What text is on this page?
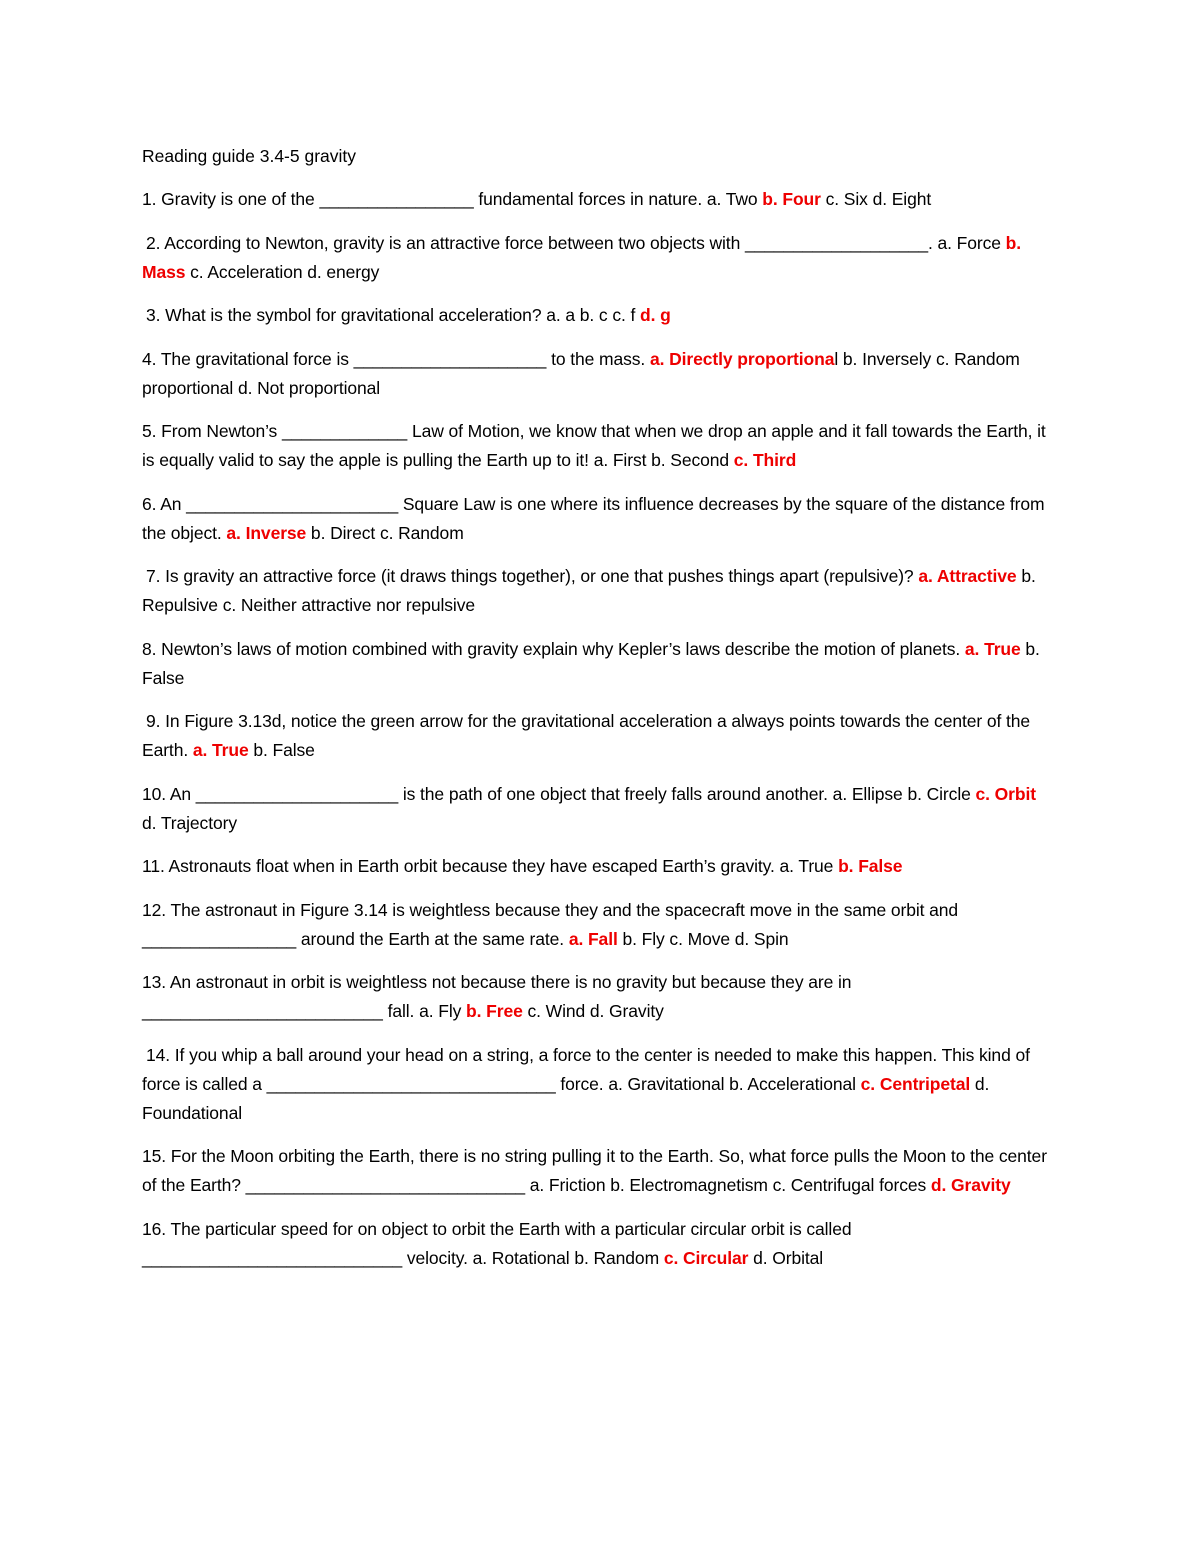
Reading guide 3.4-5 gravity

1. Gravity is one of the ________________ fundamental forces in nature. a. Two b. Four c. Six d. Eight

2. According to Newton, gravity is an attractive force between two objects with ___________________. a. Force b. Mass c. Acceleration d. energy

3. What is the symbol for gravitational acceleration? a. a b. c c. f d. g

4. The gravitational force is ____________________ to the mass. a. Directly proportional b. Inversely c. Random proportional d. Not proportional

5. From Newton’s _____________ Law of Motion, we know that when we drop an apple and it fall towards the Earth, it is equally valid to say the apple is pulling the Earth up to it! a. First b. Second c. Third

6. An ______________________ Square Law is one where its influence decreases by the square of the distance from the object. a. Inverse b. Direct c. Random

7. Is gravity an attractive force (it draws things together), or one that pushes things apart (repulsive)? a. Attractive b. Repulsive c. Neither attractive nor repulsive

8. Newton’s laws of motion combined with gravity explain why Kepler’s laws describe the motion of planets. a. True b. False

9. In Figure 3.13d, notice the green arrow for the gravitational acceleration a always points towards the center of the Earth. a. True b. False

10. An _____________________ is the path of one object that freely falls around another. a. Ellipse b. Circle c. Orbit d. Trajectory

11. Astronauts float when in Earth orbit because they have escaped Earth’s gravity. a. True b. False

12. The astronaut in Figure 3.14 is weightless because they and the spacecraft move in the same orbit and ________________ around the Earth at the same rate. a. Fall b. Fly c. Move d. Spin

13. An astronaut in orbit is weightless not because there is no gravity but because they are in _________________________ fall. a. Fly b. Free c. Wind d. Gravity

14. If you whip a ball around your head on a string, a force to the center is needed to make this happen. This kind of force is called a ______________________________ force. a. Gravitational b. Accelerational c. Centripetal d. Foundational

15. For the Moon orbiting the Earth, there is no string pulling it to the Earth. So, what force pulls the Moon to the center of the Earth? _____________________________ a. Friction b. Electromagnetism c. Centrifugal forces d. Gravity

16. The particular speed for on object to orbit the Earth with a particular circular orbit is called ___________________________ velocity. a. Rotational b. Random c. Circular d. Orbital
